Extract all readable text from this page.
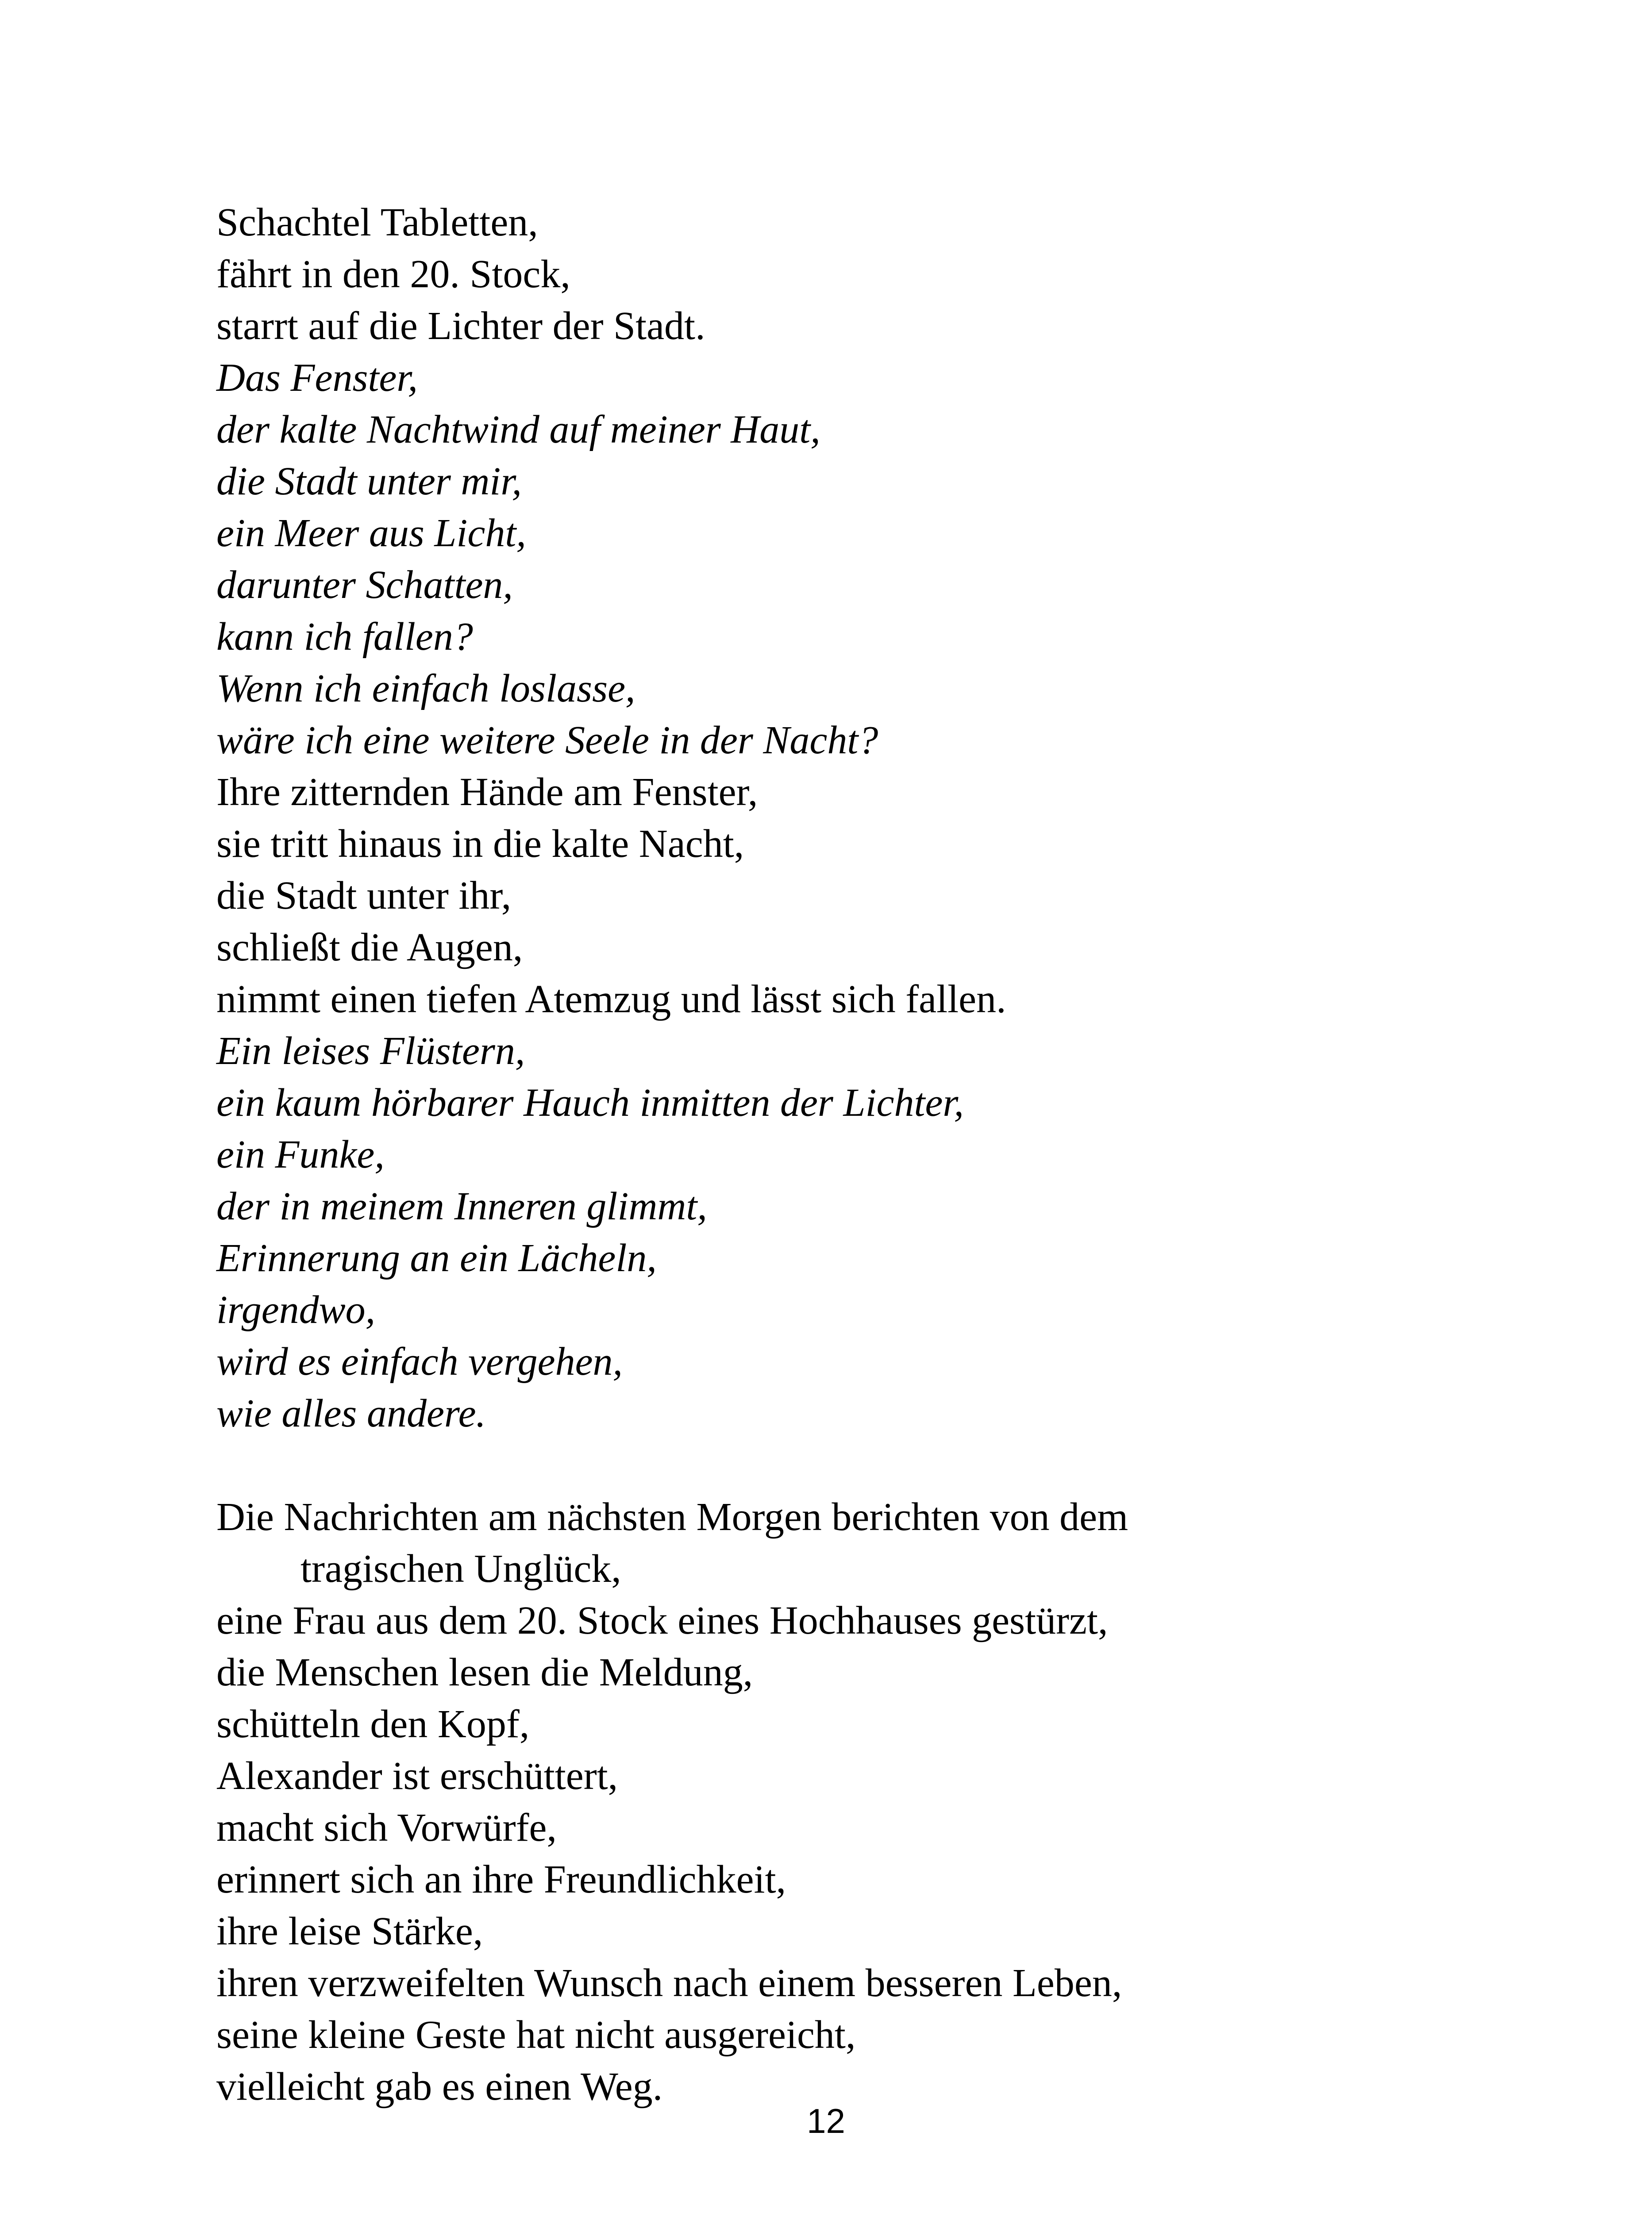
Schachtel Tabletten,
fährt in den 20. Stock,
starrt auf die Lichter der Stadt.
Das Fenster,
der kalte Nachtwind auf meiner Haut,
die Stadt unter mir,
ein Meer aus Licht,
darunter Schatten,
kann ich fallen?
Wenn ich einfach loslasse,
wäre ich eine weitere Seele in der Nacht?
Ihre zitternden Hände am Fenster,
sie tritt hinaus in die kalte Nacht,
die Stadt unter ihr,
schließt die Augen,
nimmt einen tiefen Atemzug und lässt sich fallen.
Ein leises Flüstern,
ein kaum hörbarer Hauch inmitten der Lichter,
ein Funke,
der in meinem Inneren glimmt,
Erinnerung an ein Lächeln,
irgendwo,
wird es einfach vergehen,
wie alles andere.
Die Nachrichten am nächsten Morgen berichten von dem
tragischen Unglück,
eine Frau aus dem 20. Stock eines Hochhauses gestürzt,
die Menschen lesen die Meldung,
schütteln den Kopf,
Alexander ist erschüttert,
macht sich Vorwürfe,
erinnert sich an ihre Freundlichkeit,
ihre leise Stärke,
ihren verzweifelten Wunsch nach einem besseren Leben,
seine kleine Geste hat nicht ausgereicht,
vielleicht gab es einen Weg.
12
